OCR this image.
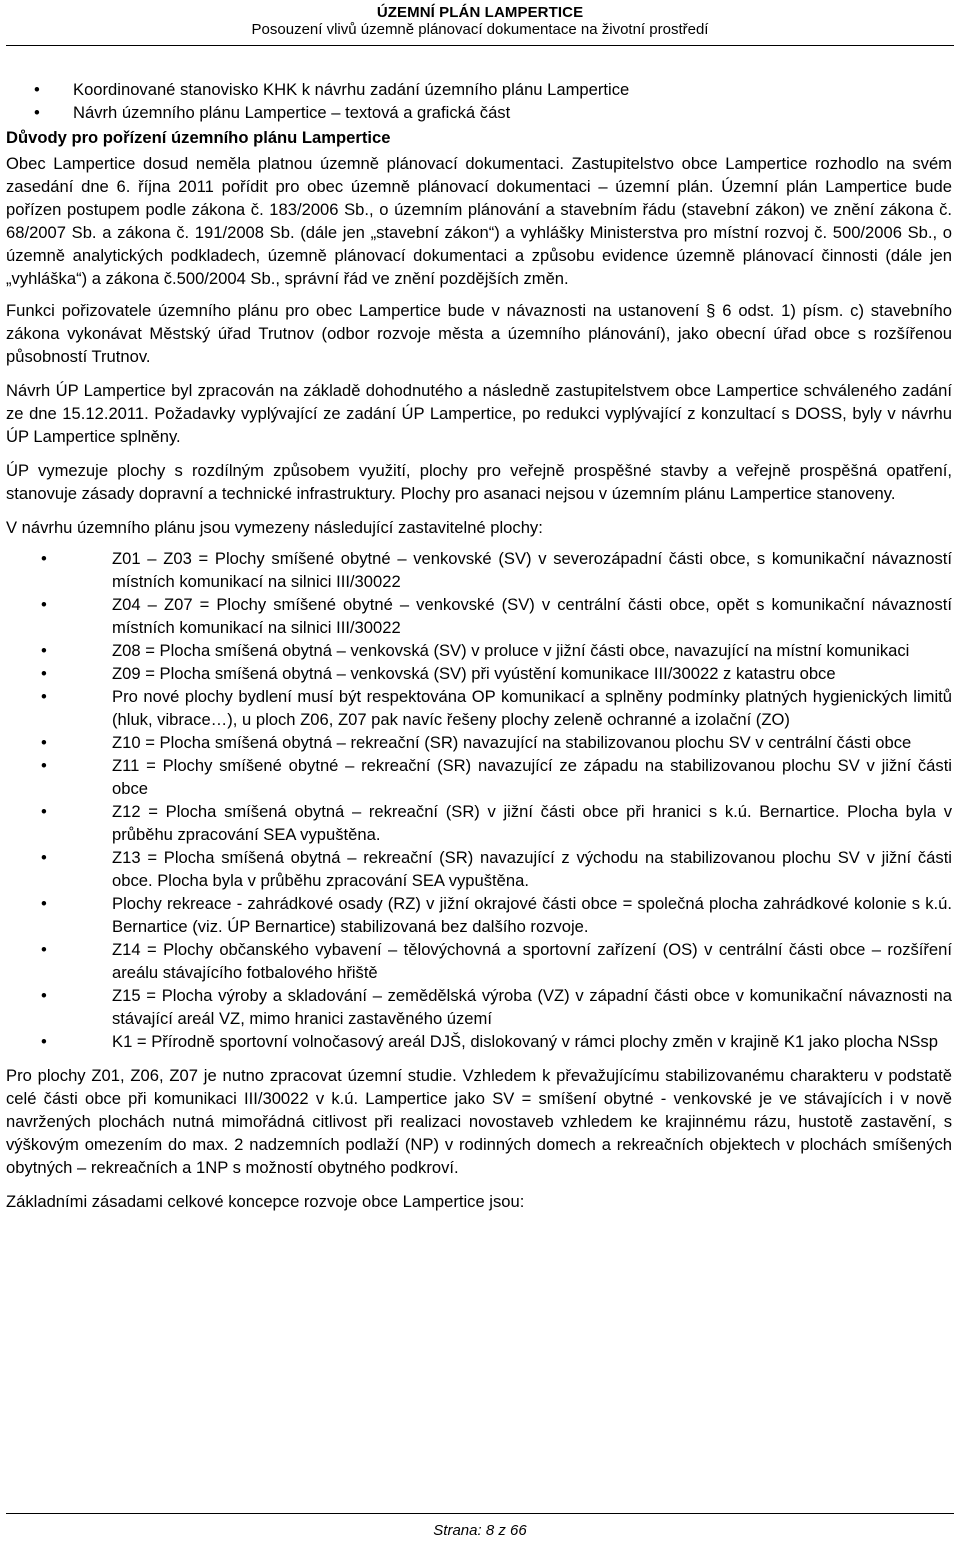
ÚZEMNÍ PLÁN LAMPERTICE
Posouzení vlivů územně plánovací dokumentace na životní prostředí
• Koordinované stanovisko KHK k návrhu zadání územního plánu Lampertice
• Návrh územního plánu Lampertice – textová a grafická část

Důvody pro pořízení územního plánu Lampertice

Obec Lampertice dosud neměla platnou územně plánovací dokumentaci. Zastupitelstvo obce Lampertice rozhodlo na svém zasedání dne 6. října 2011 pořídit pro obec územně plánovací dokumentaci – územní plán. Územní plán Lampertice bude pořízen postupem podle zákona č. 183/2006 Sb., o územním plánování a stavebním řádu (stavební zákon) ve znění zákona č. 68/2007 Sb. a zákona č. 191/2008 Sb. (dále jen „stavební zákon“) a vyhlášky Ministerstva pro místní rozvoj č. 500/2006 Sb., o územně analytických podkladech, územně plánovací dokumentaci a způsobu evidence územně plánovací činnosti (dále jen „vyhláška“) a zákona č.500/2004 Sb., správní řád ve znění pozdějších změn.

Funkci pořizovatele územního plánu pro obec Lampertice bude v návaznosti na ustanovení § 6 odst. 1) písm. c) stavebního zákona vykonávat Městský úřad Trutnov (odbor rozvoje města a územního plánování), jako obecní úřad obce s rozšířenou působností Trutnov.

Návrh ÚP Lampertice byl zpracován na základě dohodnutého a následně zastupitelstvem obce Lampertice schváleného zadání ze dne 15.12.2011. Požadavky vyplývající ze zadání ÚP Lampertice, po redukci vyplývající z konzultací s DOSS, byly v návrhu ÚP Lampertice splněny.

ÚP vymezuje plochy s rozdílným způsobem využití, plochy pro veřejně prospěšné stavby a veřejně prospěšná opatření, stanovuje zásady dopravní a technické infrastruktury. Plochy pro asanaci nejsou v územním plánu Lampertice stanoveny.

V návrhu územního plánu jsou vymezeny následující zastavitelné plochy:

• Z01 – Z03 = Plochy smíšené obytné – venkovské (SV) v severozápadní části obce, s komunikační návazností místních komunikací na silnici III/30022
• Z04 – Z07 = Plochy smíšené obytné – venkovské (SV) v centrální části obce, opět s komunikační návazností místních komunikací na silnici III/30022
• Z08 = Plocha smíšená obytná – venkovská (SV) v proluce v jižní části obce, navazující na místní komunikaci
• Z09 = Plocha smíšená obytná – venkovská (SV) při vyústění komunikace III/30022 z katastru obce
• Pro nové plochy bydlení musí být respektována OP komunikací a splněny podmínky platných hygienických limitů (hluk, vibrace…), u ploch Z06, Z07 pak navíc řešeny plochy zeleně ochranné a izolační (ZO)
• Z10 = Plocha smíšená obytná – rekreační (SR) navazující na stabilizovanou plochu SV v centrální části obce
• Z11 = Plochy smíšené obytné – rekreační (SR) navazující ze západu na stabilizovanou plochu SV v jižní části obce
• Z12 = Plocha smíšená obytná – rekreační (SR) v jižní části obce při hranici s k.ú. Bernartice. Plocha byla v průběhu zpracování SEA vypuštěna.
• Z13 = Plocha smíšená obytná – rekreační (SR) navazující z východu na stabilizovanou plochu SV v jižní části obce. Plocha byla v průběhu zpracování SEA vypuštěna.
• Plochy rekreace - zahrádkové osady (RZ) v jižní okrajové části obce = společná plocha zahrádkové kolonie s k.ú. Bernartice (viz. ÚP Bernartice) stabilizovaná bez dalšího rozvoje.
• Z14 = Plochy občanského vybavení – tělovýchovná a sportovní zařízení (OS) v centrální části obce – rozšíření areálu stávajícího fotbalového hřiště
• Z15 = Plocha výroby a skladování – zemědělská výroba (VZ) v západní části obce v komunikační návaznosti na stávající areál VZ, mimo hranici zastavěného území
• K1 = Přírodně sportovní volnočasový areál DJŠ, dislokovaný v rámci plochy změn v krajině K1 jako plocha NSsp

Pro plochy Z01, Z06, Z07 je nutno zpracovat územní studie. Vzhledem k převažujícímu stabilizovanému charakteru v podstatě celé části obce při komunikaci III/30022 v k.ú. Lampertice jako SV = smíšení obytné - venkovské je ve stávajících i v nově navržených plochách nutná mimořádná citlivost při realizaci novostaveb vzhledem ke krajinnému rázu, hustotě zastavění, s výškovým omezením do max. 2 nadzemních podlaží (NP) v rodinných domech a rekreačních objektech v plochách smíšených obytných – rekreačních a 1NP s možností obytného podkroví.

Základními zásadami celkové koncepce rozvoje obce Lampertice jsou:

Strana: 8 z 66
